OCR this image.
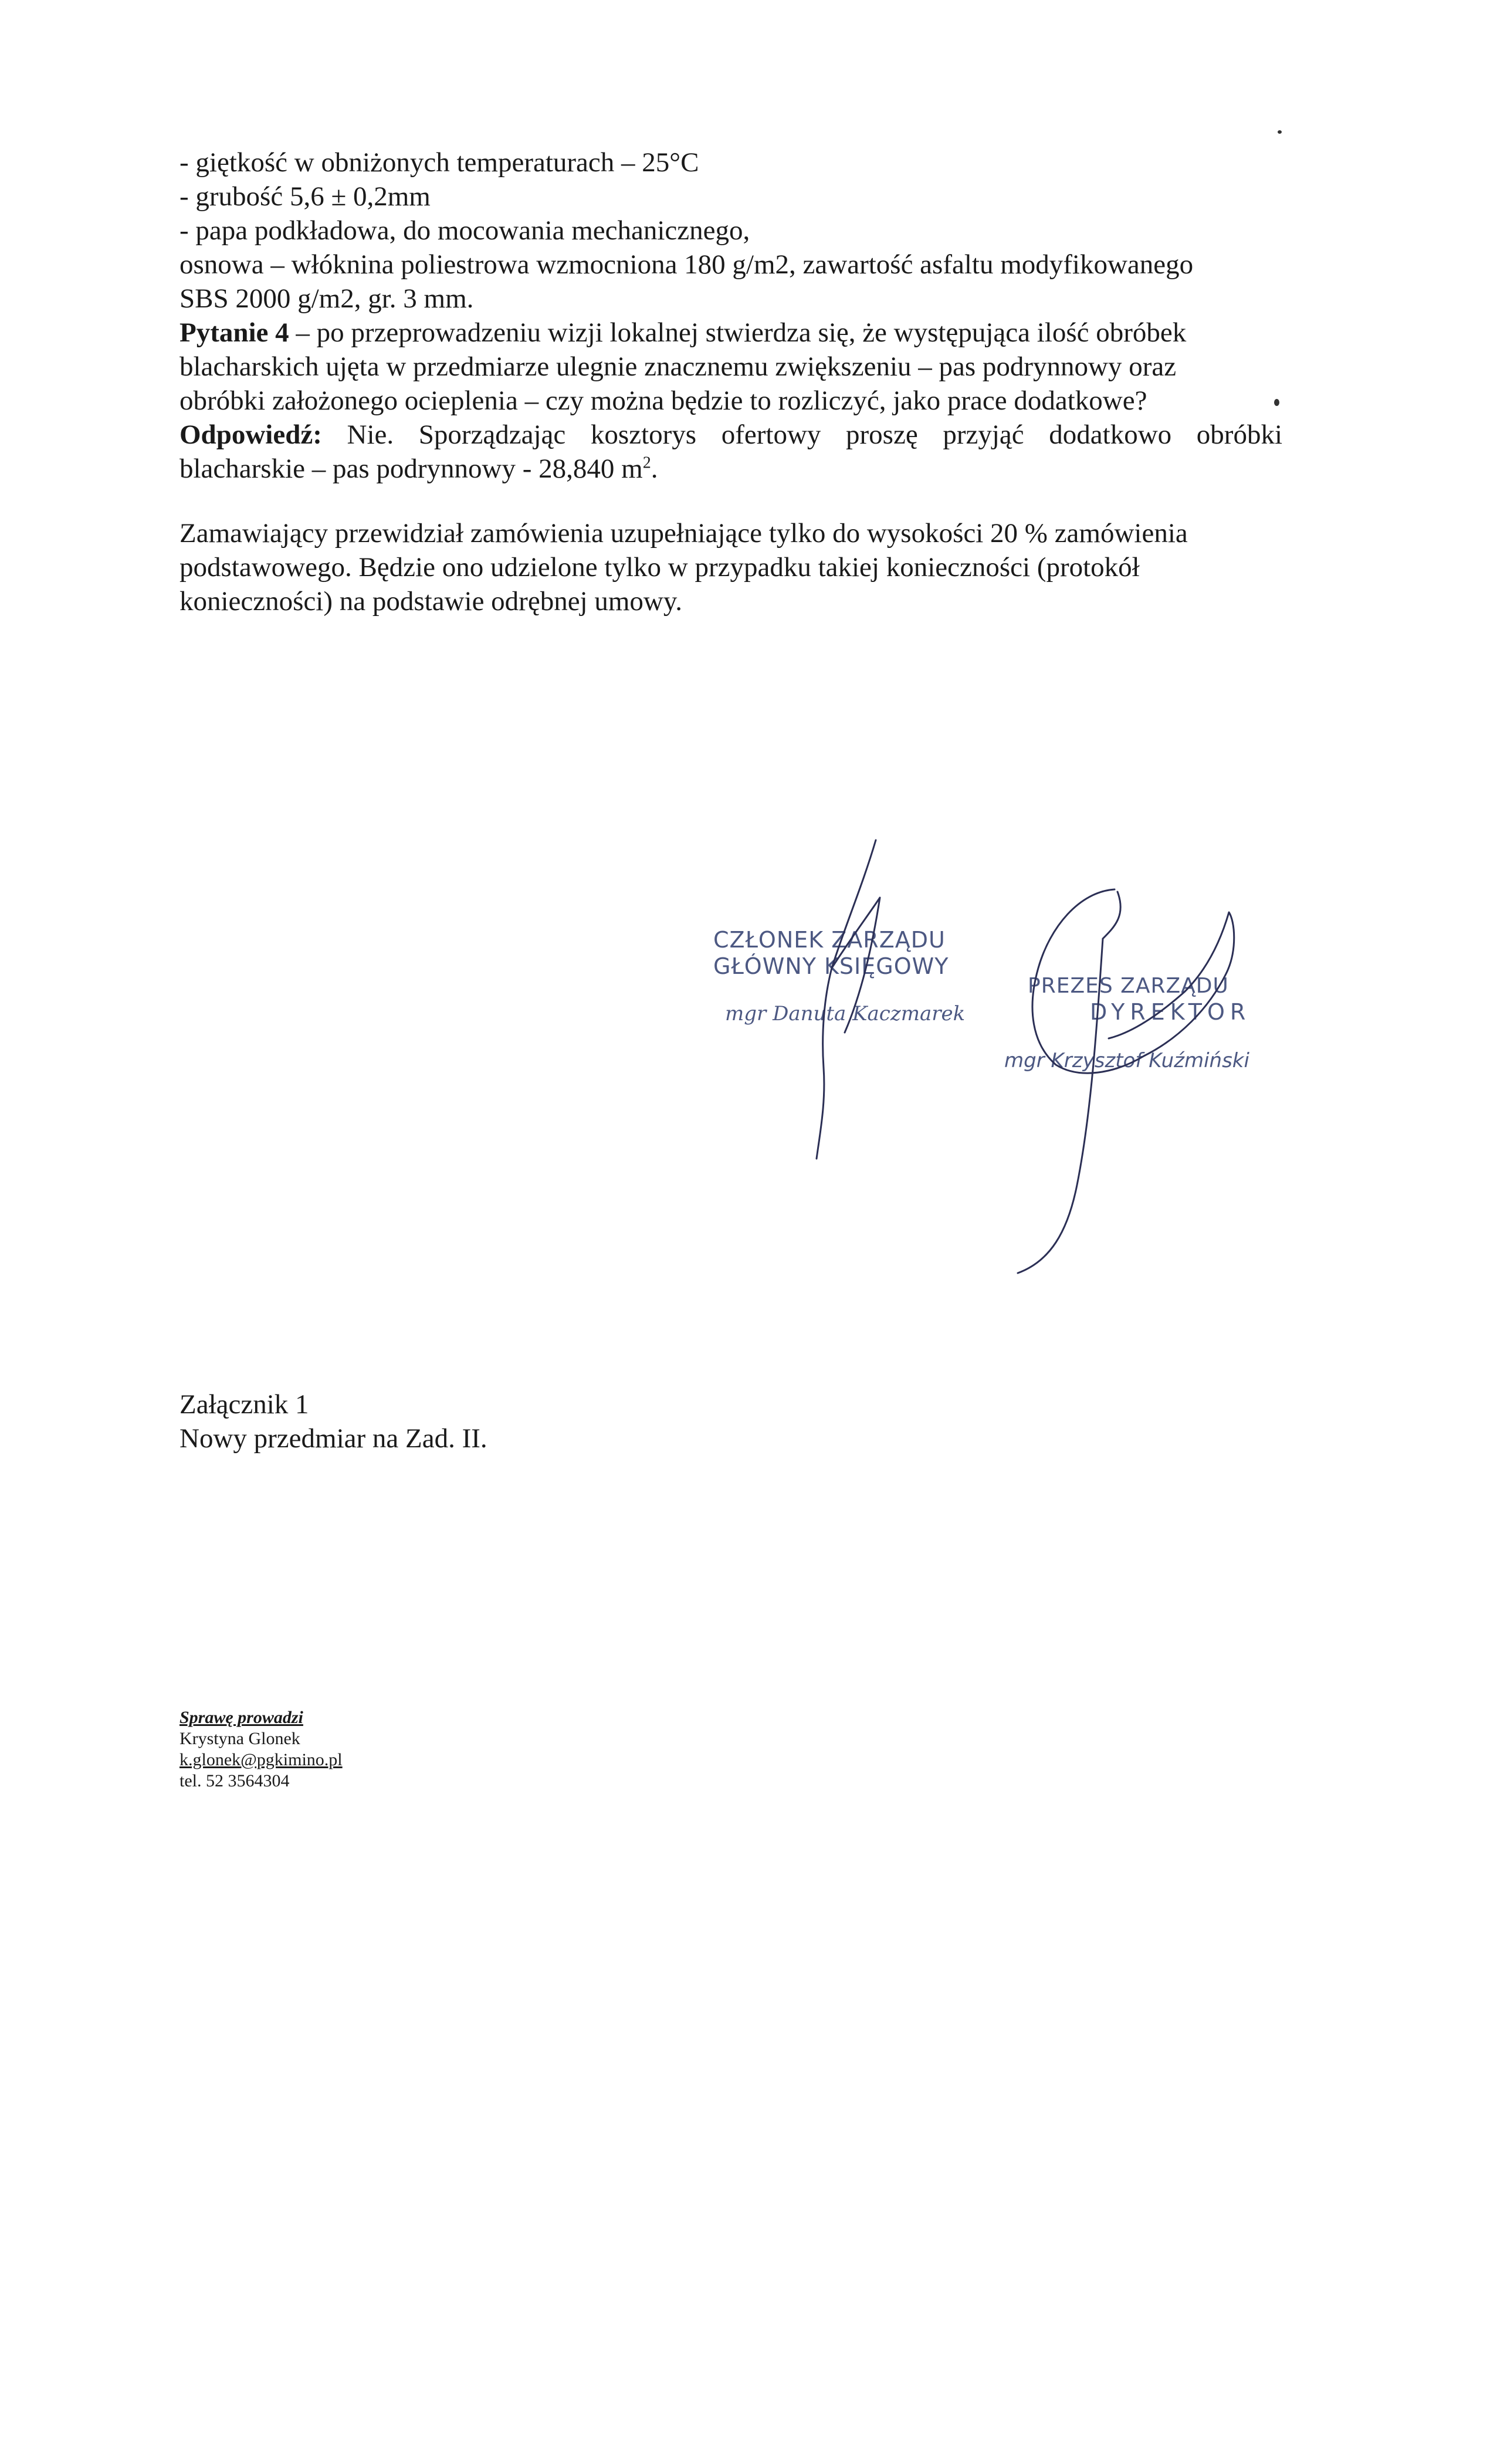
- giętkość w obniżonych temperaturach – 25°C
- grubość 5,6 ± 0,2mm
- papa podkładowa, do mocowania mechanicznego,
osnowa – włóknina poliestrowa wzmocniona 180 g/m2, zawartość asfaltu modyfikowanego
SBS 2000 g/m2, gr. 3 mm.
Pytanie 4 – po przeprowadzeniu wizji lokalnej stwierdza się, że występująca ilość obróbek
blacharskich ujęta w przedmiarze ulegnie znacznemu zwiększeniu – pas podrynnowy oraz
obróbki założonego ocieplenia – czy można będzie to rozliczyć, jako prace dodatkowe?
Odpowiedź: Nie. Sporządzając kosztorys ofertowy proszę przyjąć dodatkowo obróbki
blacharskie – pas podrynnowy - 28,840 $m^2$.
Zamawiający przewidział zamówienia uzupełniające tylko do wysokości 20 % zamówienia
podstawowego. Będzie ono udzielone tylko w przypadku takiej konieczności (protokół
konieczności) na podstawie odrębnej umowy.
CZŁONEK ZARZĄDU
GŁÓWNY KSIĘGOWY
mgr Danuta Kaczmarek
PREZES ZARZĄDU
DYREKTOR
mgr Krzysztof Kuźmiński
Załącznik 1
Nowy przedmiar na Zad. II.
Sprawę prowadzi
Krystyna Glonek
k.glonek@pgkimino.pl
tel. 52 3564304
